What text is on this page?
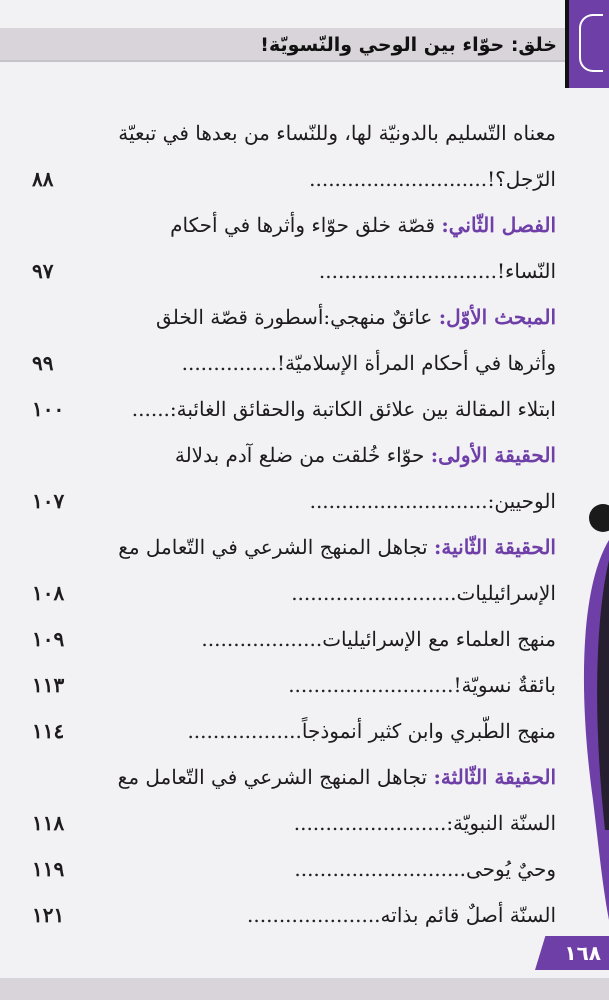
خلق: حوّاء بين الوحي والنّسويّة!
معناه التّسليم بالدونيّة لها، وللنّساء من بعدها في تبعيّة
الرّجل؟!............................
٨٨
الفصل الثّاني: قصّة خلق حوّاء وأثرها في أحكام
النّساء!............................
٩٧
المبحث الأوّل: عائقٌ منهجي:أسطورة قصّة الخلق
وأثرها في أحكام المرأة الإسلاميّة!...............
٩٩
ابتلاء المقالة بين علائق الكاتبة والحقائق الغائبة:......
١٠٠
الحقيقة الأولى: حوّاء خُلقت من ضلع آدم بدلالة
الوحيين:............................
١٠٧
الحقيقة الثّانية: تجاهل المنهج الشرعي في التّعامل مع
الإسرائيليات..........................
١٠٨
منهج العلماء مع الإسرائيليات...................
١٠٩
بائقةٌ نسويّة!..........................
١١٣
منهج الطّبري وابن كثير أنموذجاً..................
١١٤
الحقيقة الثّالثة: تجاهل المنهج الشرعي في التّعامل مع
السنّة النبويّة:........................
١١٨
وحيٌ يُوحى...........................
١١٩
السنّة أصلٌ قائم بذاته.....................
١٢١
١٦٨
